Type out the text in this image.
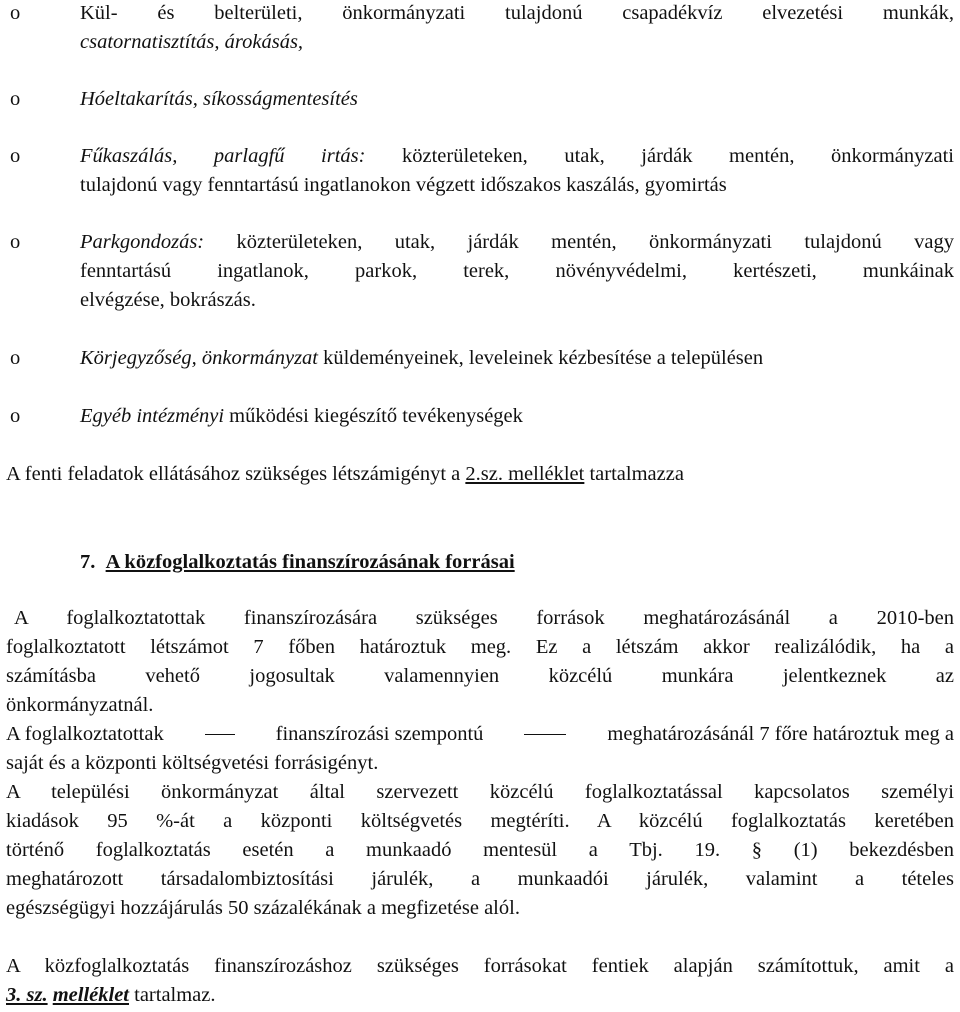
o	Kül- és belterületi, önkormányzati tulajdonú csapadékvíz elvezetési munkák,
csatornatisztítás, árokásás,
o	Hóeltakarítás, síkosságmentesítés
o	Fűkaszálás, parlagfű irtás: közterületeken, utak, járdák mentén, önkormányzati
tulajdonú vagy fenntartású ingatlanokon végzett időszakos kaszálás, gyomirtás
o	Parkgondozás: közterületeken, utak, járdák mentén, önkormányzati tulajdonú vagy
fenntartású ingatlanok, parkok, terek, növényvédelmi, kertészeti, munkáinak
elvégzése, bokrászás.
o	Körjegyzőség, önkormányzat küldeményeinek, leveleinek kézbesítése a településen
o	Egyéb intézményi működési kiegészítő tevékenységek
A fenti feladatok ellátásához szükséges létszámigényt a 2.sz. melléklet tartalmazza
7. A közfoglalkoztatás finanszírozásának forrásai
A foglalkoztatottak finanszírozására szükséges források meghatározásánál a 2010-ben
foglalkoztatott létszámot 7 főben határoztuk meg. Ez a létszám akkor realizálódik, ha a
számításba vehető jogosultak valamennyien közcélú munkára jelentkeznek az
önkormányzatnál.
A foglalkoztatottak	finanszírozási szempontú	meghatározásánál 7 főre határoztuk meg a
saját és a központi költségvetési forrásigényt.
A települési önkormányzat által szervezett közcélú foglalkoztatással kapcsolatos személyi
kiadások 95 %-át a központi költségvetés megtéríti. A közcélú foglalkoztatás keretében
történő foglalkoztatás esetén a munkaadó mentesül a Tbj. 19. § (1) bekezdésben
meghatározott társadalombiztosítási járulék, a munkaadói járulék, valamint a tételes
egészségügyi hozzájárulás 50 százalékának a megfizetése alól.
A közfoglalkoztatás finanszírozáshoz szükséges forrásokat fentiek alapján számítottuk, amit a
3. sz. melléklet tartalmaz.
